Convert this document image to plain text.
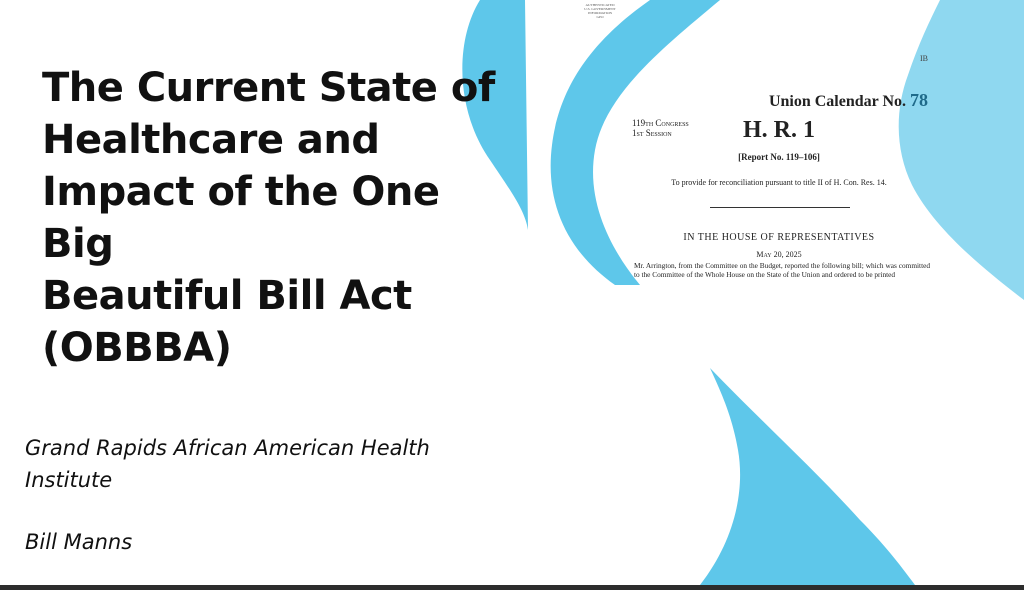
The Current State of
Healthcare and
Impact of the One Big
Beautiful Bill Act
(OBBBA)
AUTHENTICATED
U.S. GOVERNMENT
INFORMATION
GPO
IB
Union Calendar No. 78
119th Congress
1st Session	H. R. 1
[Report No. 119–106]
To provide for reconciliation pursuant to title II of H. Con. Res. 14.
IN THE HOUSE OF REPRESENTATIVES
May 20, 2025
Mr. Arrington, from the Committee on the Budget, reported the following bill; which was committed to the Committee of the Whole House on the State of the Union and ordered to be printed

Grand Rapids African American Health Institute

Bill Manns
